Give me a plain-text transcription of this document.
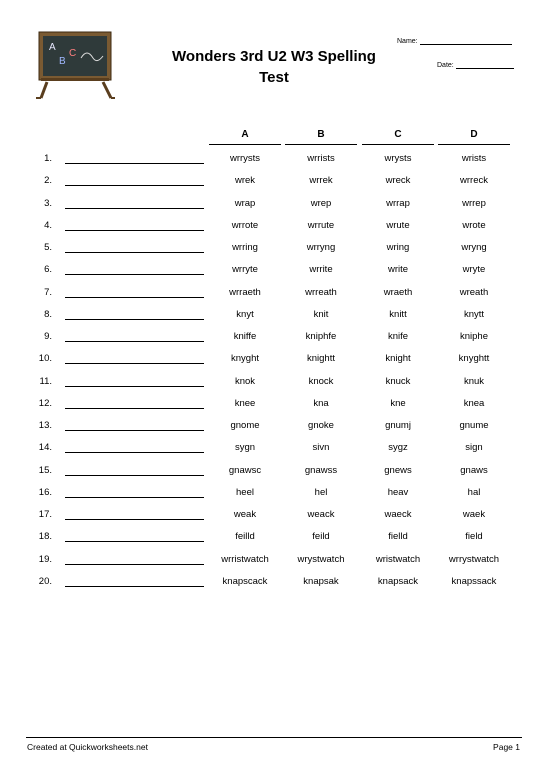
A
B
C	Wonders 3rd U2 W3 Spelling
Test
Name:
Date:
A	B	C	D
1.	wrrysts	wrrists	wrysts	wrists
2.	wrek	wrrek	wreck	wrreck
3.	wrap	wrep	wrrap	wrrep
4.	wrrote	wrrute	wrute	wrote
5.	wrring	wrryng	wring	wryng
6.	wrryte	wrrite	write	wryte
7.	wrraeth	wrreath	wraeth	wreath
8.	knyt	knit	knitt	knytt
9.	kniffe	kniphfe	knife	kniphe
10.	knyght	knightt	knight	knyghtt
11.	knok	knock	knuck	knuk
12.	knee	kna	kne	knea
13.	gnome	gnoke	gnumj	gnume
14.	sygn	sivn	sygz	sign
15.	gnawsc	gnawss	gnews	gnaws
16.	heel	hel	heav	hal
17.	weak	weack	waeck	waek
18.	feilld	feild	fielld	field
19.	wrristwatch	wrystwatch	wristwatch	wrrystwatch
20.	knapscack	knapsak	knapsack	knapssack
Created at Quickworksheets.net	Page 1
